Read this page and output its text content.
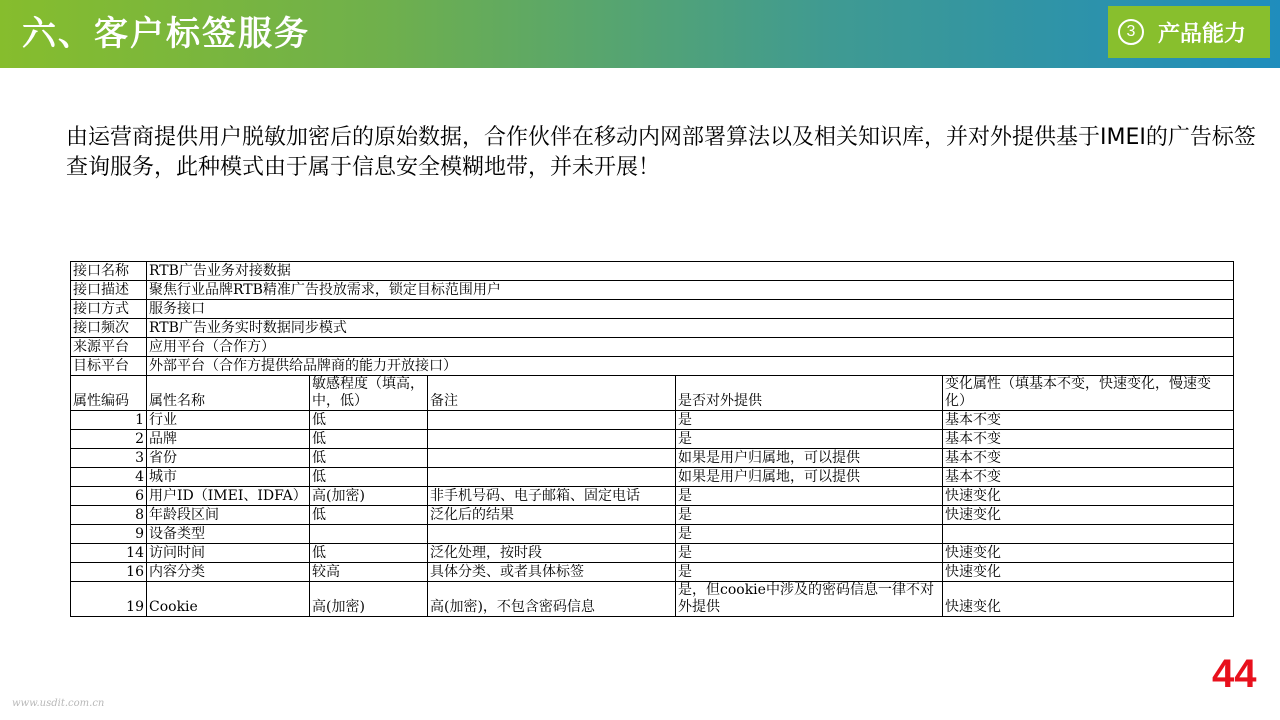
六、客户标签服务	3	产品能力
由运营商提供用户脱敏加密后的原始数据，合作伙伴在移动内网部署算法以及相关知识库，并对外提供基于IMEI的广告标签查询服务，此种模式由于属于信息安全模糊地带，并未开展！
接口名称	RTB广告业务对接数据				
接口描述	聚焦行业品牌RTB精准广告投放需求，锁定目标范围用户				
接口方式	服务接口				
接口频次	RTB广告业务实时数据同步模式				
来源平台	应用平台（合作方）				
目标平台	外部平台（合作方提供给品牌商的能力开放接口）				
属性编码	属性名称	敏感程度（填高，中，低）	备注	是否对外提供	变化属性（填基本不变，快速变化，慢速变化）
1	行业	低		是	基本不变
2	品牌	低		是	基本不变
3	省份	低		如果是用户归属地，可以提供	基本不变
4	城市	低		如果是用户归属地，可以提供	基本不变
6	用户ID（IMEI、IDFA）	高(加密)	非手机号码、电子邮箱、固定电话	是	快速变化
8	年龄段区间	低	泛化后的结果	是	快速变化
9	设备类型			是	
14	访问时间	低	泛化处理，按时段	是	快速变化
16	内容分类	较高	具体分类、或者具体标签	是	快速变化
19	Cookie	高(加密)	高(加密)，不包含密码信息	是，但cookie中涉及的密码信息一律不对外提供	快速变化
44
www.usdit.com.cn
